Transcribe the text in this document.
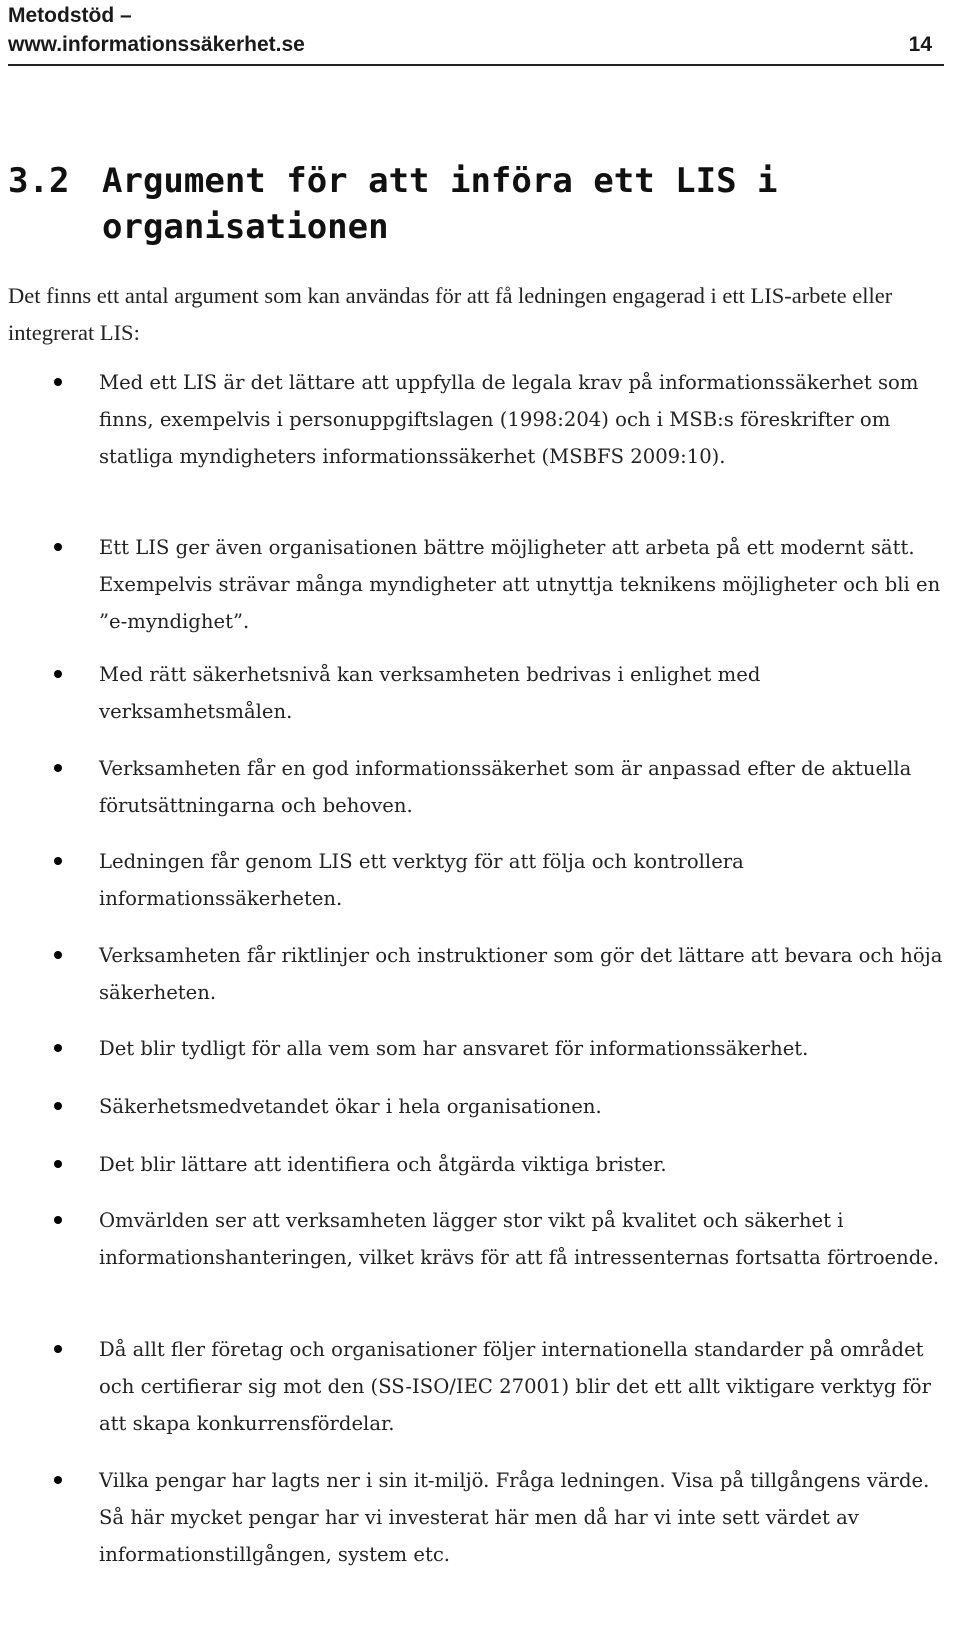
Metodstöd –
www.informationssäkerhet.se	14
3.2 Argument för att införa ett LIS i organisationen
Det finns ett antal argument som kan användas för att få ledningen engagerad i ett LIS-arbete eller integrerat LIS:
Med ett LIS är det lättare att uppfylla de legala krav på informationssäkerhet som finns, exempelvis i personuppgiftslagen (1998:204) och i MSB:s föreskrifter om statliga myndigheters informationssäkerhet (MSBFS 2009:10).
Ett LIS ger även organisationen bättre möjligheter att arbeta på ett modernt sätt. Exempelvis strävar många myndigheter att utnyttja teknikens möjligheter och bli en ”e-myndighet”.
Med rätt säkerhetsnivå kan verksamheten bedrivas i enlighet med verksamhetsmålen.
Verksamheten får en god informationssäkerhet som är anpassad efter de aktuella förutsättningarna och behoven.
Ledningen får genom LIS ett verktyg för att följa och kontrollera informationssäkerheten.
Verksamheten får riktlinjer och instruktioner som gör det lättare att bevara och höja säkerheten.
Det blir tydligt för alla vem som har ansvaret för informationssäkerhet.
Säkerhetsmedvetandet ökar i hela organisationen.
Det blir lättare att identifiera och åtgärda viktiga brister.
Omvärlden ser att verksamheten lägger stor vikt på kvalitet och säkerhet i informationshanteringen, vilket krävs för att få intressenternas fortsatta förtroende.
Då allt fler företag och organisationer följer internationella standarder på området och certifierar sig mot den (SS-ISO/IEC 27001) blir det ett allt viktigare verktyg för att skapa konkurrensfördelar.
Vilka pengar har lagts ner i sin it-miljö. Fråga ledningen. Visa på tillgångens värde. Så här mycket pengar har vi investerat här men då har vi inte sett värdet av informationstillgången, system etc.
